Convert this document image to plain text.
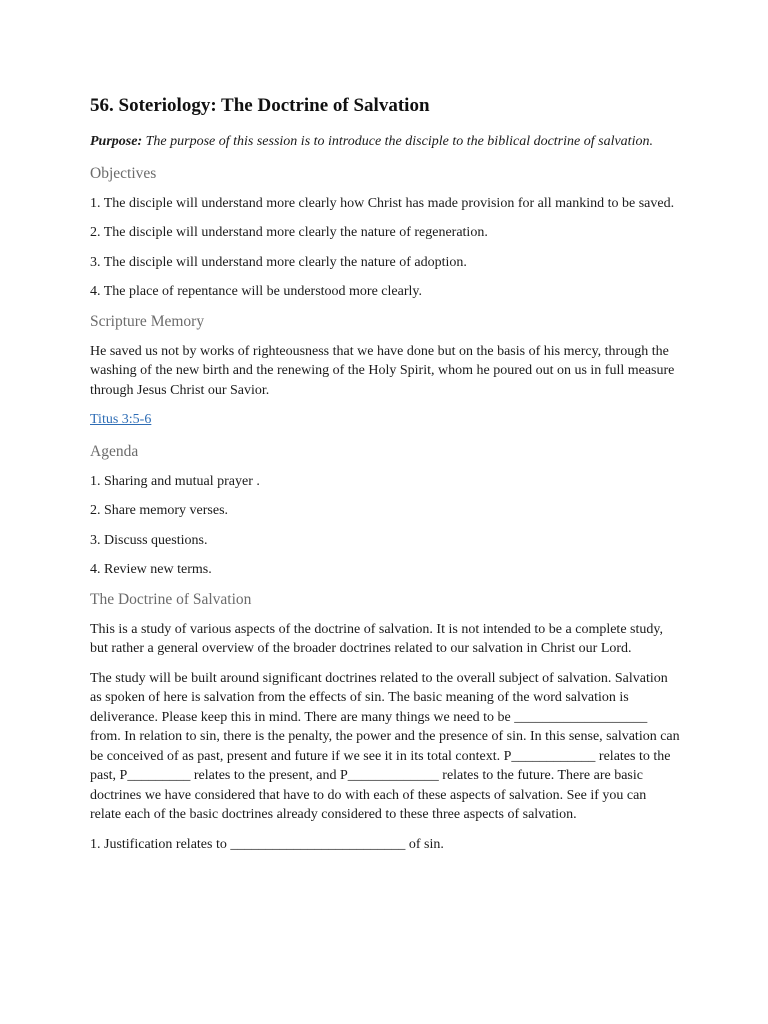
56. Soteriology: The Doctrine of Salvation

Purpose: The purpose of this session is to introduce the disciple to the biblical doctrine of salvation.

Objectives

1. The disciple will understand more clearly how Christ has made provision for all mankind to be saved.

2. The disciple will understand more clearly the nature of regeneration.

3. The disciple will understand more clearly the nature of adoption.

4. The place of repentance will be understood more clearly.

Scripture Memory

He saved us not by works of righteousness that we have done but on the basis of his mercy, through the washing of the new birth and the renewing of the Holy Spirit, whom he poured out on us in full measure through Jesus Christ our Savior.

Titus 3:5-6

Agenda

1. Sharing and mutual prayer .

2. Share memory verses.

3. Discuss questions.

4. Review new terms.

The Doctrine of Salvation

This is a study of various aspects of the doctrine of salvation. It is not intended to be a complete study, but rather a general overview of the broader doctrines related to our salvation in Christ our Lord.

The study will be built around significant doctrines related to the overall subject of salvation. Salvation as spoken of here is salvation from the effects of sin. The basic meaning of the word salvation is deliverance. Please keep this in mind. There are many things we need to be ___________________ from. In relation to sin, there is the penalty, the power and the presence of sin. In this sense, salvation can be conceived of as past, present and future if we see it in its total context. P____________ relates to the past, P_________ relates to the present, and P_____________ relates to the future. There are basic doctrines we have considered that have to do with each of these aspects of salvation. See if you can relate each of the basic doctrines already considered to these three aspects of salvation.

1. Justification relates to _________________________ of sin.
